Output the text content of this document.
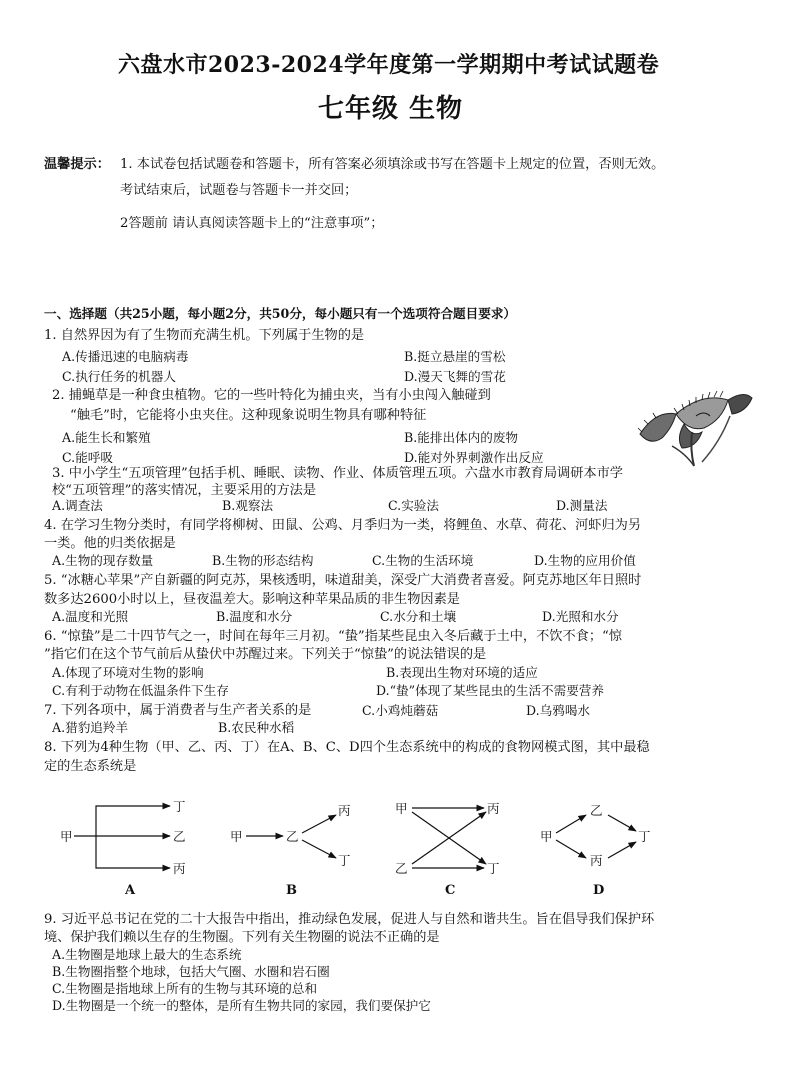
六盘水市2023-2024学年度第一学期期中考试试题卷
七年级 生物
温馨提示： 1. 本试卷包括试题卷和答题卡，所有答案必须填涂或书写在答题卡上规定的位置，否则无效。
考试结束后，试题卷与答题卡一并交回；
2答题前 请认真阅读答题卡上的“注意事项”；
一、选择题（共25小题，每小题2分，共50分，每小题只有一个选项符合题目要求）
1. 自然界因为有了生物而充满生机。下列属于生物的是
A.传播迅速的电脑病毒	B.挺立悬崖的雪松
C.执行任务的机器人	D.漫天飞舞的雪花
2. 捕蝇草是一种食虫植物。它的一些叶特化为捕虫夹，当有小虫闯入触碰到
“触毛”时，它能将小虫夹住。这种现象说明生物具有哪种特征
A.能生长和繁殖	B.能排出体内的废物
C.能呼吸	D.能对外界刺激作出反应
3. 中小学生“五项管理”包括手机、睡眠、读物、作业、体质管理五项。六盘水市教育局调研本市学
校“五项管理”的落实情况，主要采用的方法是
A.调查法	B.观察法	C.实验法	D.测量法
4. 在学习生物分类时，有同学将柳树、田鼠、公鸡、月季归为一类，将鲤鱼、水草、荷花、河虾归为另
一类。他的归类依据是
A.生物的现存数量	B.生物的形态结构	C.生物的生活环境	D.生物的应用价值
5. “冰糖心苹果”产自新疆的阿克苏，果核透明，味道甜美，深受广大消费者喜爱。阿克苏地区年日照时
数多达2600小时以上，昼夜温差大。影响这种苹果品质的非生物因素是
A.温度和光照	B.温度和水分	C.水分和土壤	D.光照和水分
6. “惊蛰”是二十四节气之一，时间在每年三月初。“蛰”指某些昆虫入冬后藏于土中，不饮不食；“惊
”指它们在这个节气前后从蛰伏中苏醒过来。下列关于“惊蛰”的说法错误的是
A.体现了环境对生物的影响	B.表现出生物对环境的适应
C.有利于动物在低温条件下生存	D.“蛰”体现了某些昆虫的生活不需要营养
7. 下列各项中，属于消费者与生产者关系的是	C.小鸡炖蘑菇	D.乌鸦喝水
A.猎豹追羚羊	B.农民种水稻
8. 下列为4种生物（甲、乙、丙、丁）在A、B、C、D四个生态系统中的构成的食物网模式图，其中最稳
定的生态系统是
甲
丁
乙
丙
甲	乙
丙
丁
甲	丙
乙	丁
甲
乙
丙
丁
A	B	C	D
9. 习近平总书记在党的二十大报告中指出，推动绿色发展，促进人与自然和谐共生。旨在倡导我们保护环
境、保护我们赖以生存的生物圈。下列有关生物圈的说法不正确的是
A.生物圈是地球上最大的生态系统
B.生物圈指整个地球，包括大气圈、水圈和岩石圈
C.生物圈是指地球上所有的生物与其环境的总和
D.生物圈是一个统一的整体，是所有生物共同的家园，我们要保护它
